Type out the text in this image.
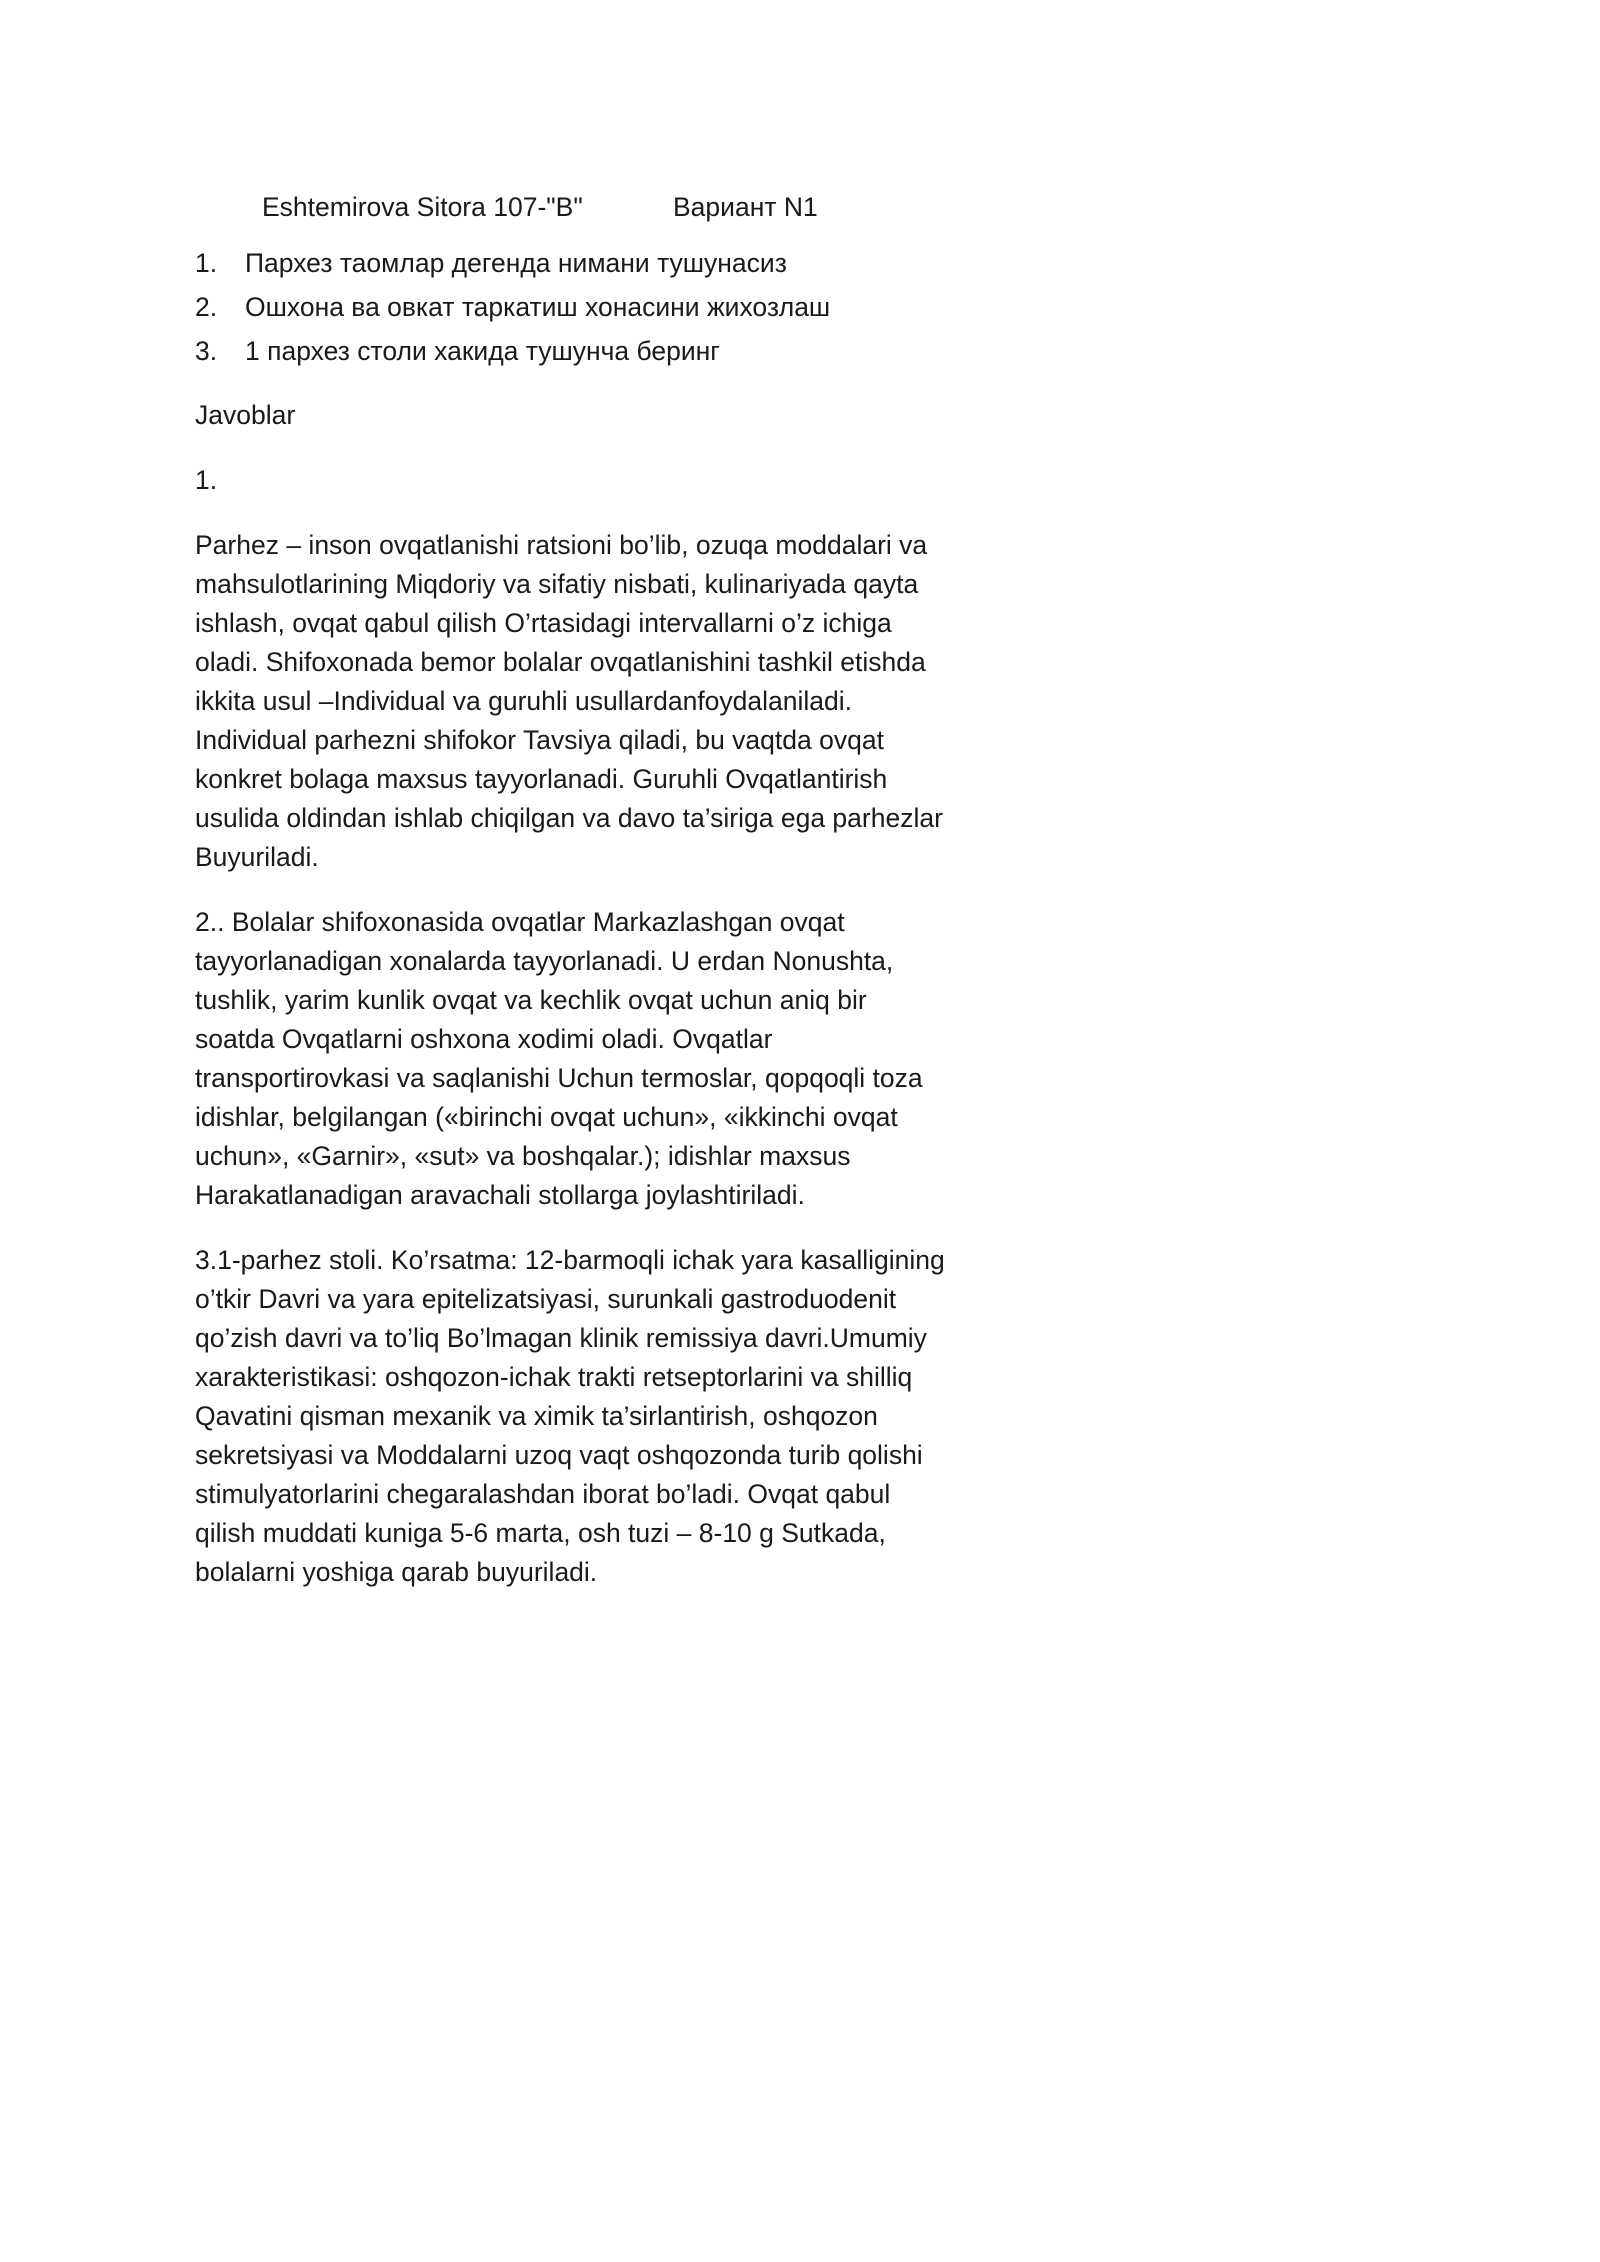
Eshtemirova Sitora 107-"B"	Вариант N1
1. Пархез таомлар дегенда нимани тушунасиз
2. Ошхона ва овкат таркатиш хонасини жихозлаш
3. 1 пархез столи хакида тушунча беринг

Javoblar

1.

Parhez – inson ovqatlanishi ratsioni bo’lib, ozuqa moddalari va
mahsulotlarining Miqdoriy va sifatiy nisbati, kulinariyada qayta
ishlash, ovqat qabul qilish O’rtasidagi intervallarni o’z ichiga
oladi. Shifoxonada bemor bolalar ovqatlanishini tashkil etishda
ikkita usul –Individual va guruhli usullardanfoydalaniladi.
Individual parhezni shifokor Tavsiya qiladi, bu vaqtda ovqat
konkret bolaga maxsus tayyorlanadi. Guruhli Ovqatlantirish
usulida oldindan ishlab chiqilgan va davo ta’siriga ega parhezlar
Buyuriladi.

2.. Bolalar shifoxonasida ovqatlar Markazlashgan ovqat
tayyorlanadigan xonalarda tayyorlanadi. U erdan Nonushta,
tushlik, yarim kunlik ovqat va kechlik ovqat uchun aniq bir
soatda Ovqatlarni oshxona xodimi oladi. Ovqatlar
transportirovkasi va saqlanishi Uchun termoslar, qopqoqli toza
idishlar, belgilangan («birinchi ovqat uchun», «ikkinchi ovqat
uchun», «Garnir», «sut» va boshqalar.); idishlar maxsus
Harakatlanadigan aravachali stollarga joylashtiriladi.

3.1-parhez stoli. Ko’rsatma: 12-barmoqli ichak yara kasalligining
o’tkir Davri va yara epitelizatsiyasi, surunkali gastroduodenit
qo’zish davri va to’liq Bo’lmagan klinik remissiya davri.Umumiy
xarakteristikasi: oshqozon-ichak trakti retseptorlarini va shilliq
Qavatini qisman mexanik va ximik ta’sirlantirish, oshqozon
sekretsiyasi va Moddalarni uzoq vaqt oshqozonda turib qolishi
stimulyatorlarini chegaralashdan iborat bo’ladi. Ovqat qabul
qilish muddati kuniga 5-6 marta, osh tuzi – 8-10 g Sutkada,
bolalarni yoshiga qarab buyuriladi.
